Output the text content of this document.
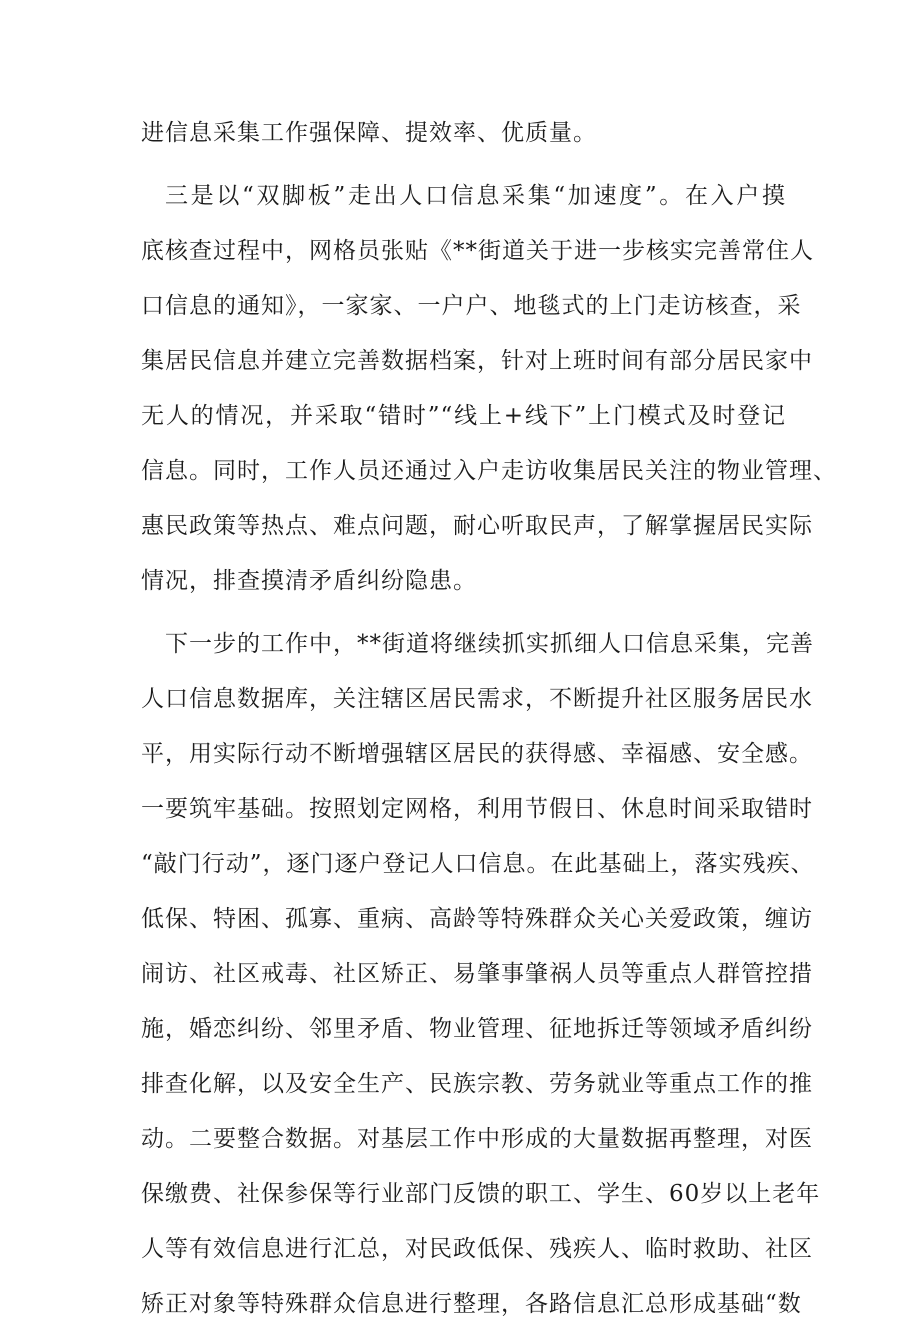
进信息采集工作强保障、提效率、优质量。
三是以“双脚板”走出人口信息采集“加速度”。在入户摸
底核查过程中，网格员张贴《**街道关于进一步核实完善常住人
口信息的通知》，一家家、一户户、地毯式的上门走访核查，采
集居民信息并建立完善数据档案，针对上班时间有部分居民家中
无人的情况，并采取“错时”“线上+线下”上门模式及时登记
信息。同时，工作人员还通过入户走访收集居民关注的物业管理、
惠民政策等热点、难点问题，耐心听取民声，了解掌握居民实际
情况，排查摸清矛盾纠纷隐患。
下一步的工作中，**街道将继续抓实抓细人口信息采集，完善
人口信息数据库，关注辖区居民需求，不断提升社区服务居民水
平，用实际行动不断增强辖区居民的获得感、幸福感、安全感。
一要筑牢基础。按照划定网格，利用节假日、休息时间采取错时
“敲门行动”，逐门逐户登记人口信息。在此基础上，落实残疾、
低保、特困、孤寡、重病、高龄等特殊群众关心关爱政策，缠访
闹访、社区戒毒、社区矫正、易肇事肇祸人员等重点人群管控措
施，婚恋纠纷、邻里矛盾、物业管理、征地拆迁等领域矛盾纠纷
排查化解，以及安全生产、民族宗教、劳务就业等重点工作的推
动。二要整合数据。对基层工作中形成的大量数据再整理，对医
保缴费、社保参保等行业部门反馈的职工、学生、60岁以上老年
人等有效信息进行汇总，对民政低保、残疾人、临时救助、社区
矫正对象等特殊群众信息进行整理，各路信息汇总形成基础“数
